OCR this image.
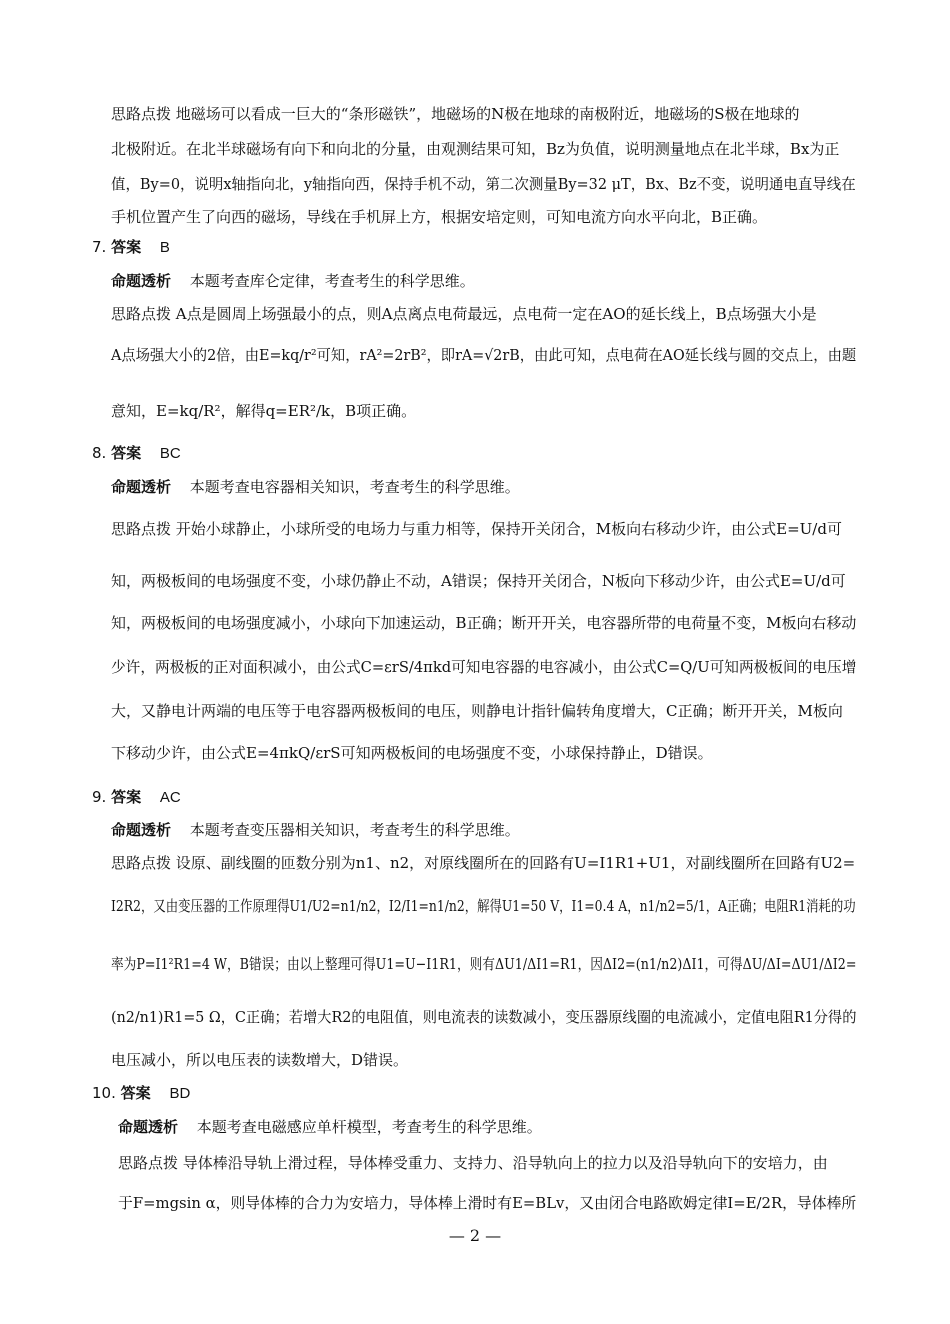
思路点拨 地磁场可以看成一巨大的“条形磁铁”，地磁场的N极在地球的南极附近，地磁场的S极在地球的
北极附近。在北半球磁场有向下和向北的分量，由观测结果可知，Bz为负值，说明测量地点在北半球，Bx为正
值，By=0，说明x轴指向北，y轴指向西，保持手机不动，第二次测量By=32 μT，Bx、Bz不变，说明通电直导线在
手机位置产生了向西的磁场，导线在手机屏上方，根据安培定则，可知电流方向水平向北，B正确。
7. 答案 B
命题透析 本题考查库仑定律，考查考生的科学思维。
思路点拨 A点是圆周上场强最小的点，则A点离点电荷最远，点电荷一定在AO的延长线上，B点场强大小是
A点场强大小的2倍，由E=kq/r²可知，rA²=2rB²，即rA=√2rB，由此可知，点电荷在AO延长线与圆的交点上，由题
意知，E=kq/R²，解得q=ER²/k，B项正确。
8. 答案 BC
命题透析 本题考查电容器相关知识，考查考生的科学思维。
思路点拨 开始小球静止，小球所受的电场力与重力相等，保持开关闭合，M板向右移动少许，由公式E=U/d可
知，两极板间的电场强度不变，小球仍静止不动，A错误；保持开关闭合，N板向下移动少许，由公式E=U/d可
知，两极板间的电场强度减小，小球向下加速运动，B正确；断开开关，电容器所带的电荷量不变，M板向右移动
少许，两极板的正对面积减小，由公式C=εrS/4πkd可知电容器的电容减小，由公式C=Q/U可知两极板间的电压增
大，又静电计两端的电压等于电容器两极板间的电压，则静电计指针偏转角度增大，C正确；断开开关，M板向
下移动少许，由公式E=4πkQ/εrS可知两极板间的电场强度不变，小球保持静止，D错误。
9. 答案 AC
命题透析 本题考查变压器相关知识，考查考生的科学思维。
思路点拨 设原、副线圈的匝数分别为n1、n2，对原线圈所在的回路有U=I1R1+U1，对副线圈所在回路有U2=
I2R2，又由变压器的工作原理得U1/U2=n1/n2，I2/I1=n1/n2，解得U1=50 V，I1=0.4 A，n1/n2=5/1，A正确；电阻R1消耗的功
率为P=I1²R1=4 W，B错误；由以上整理可得U1=U−I1R1，则有ΔU1/ΔI1=R1，因ΔI2=(n1/n2)ΔI1，可得ΔU/ΔI=ΔU1/ΔI2=
(n2/n1)R1=5 Ω，C正确；若增大R2的电阻值，则电流表的读数减小，变压器原线圈的电流减小，定值电阻R1分得的
电压减小，所以电压表的读数增大，D错误。
10. 答案 BD
命题透析 本题考查电磁感应单杆模型，考查考生的科学思维。
思路点拨 导体棒沿导轨上滑过程，导体棒受重力、支持力、沿导轨向上的拉力以及沿导轨向下的安培力，由
于F=mgsin α，则导体棒的合力为安培力，导体棒上滑时有E=BLv，又由闭合电路欧姆定律I=E/2R，导体棒所
— 2 —
